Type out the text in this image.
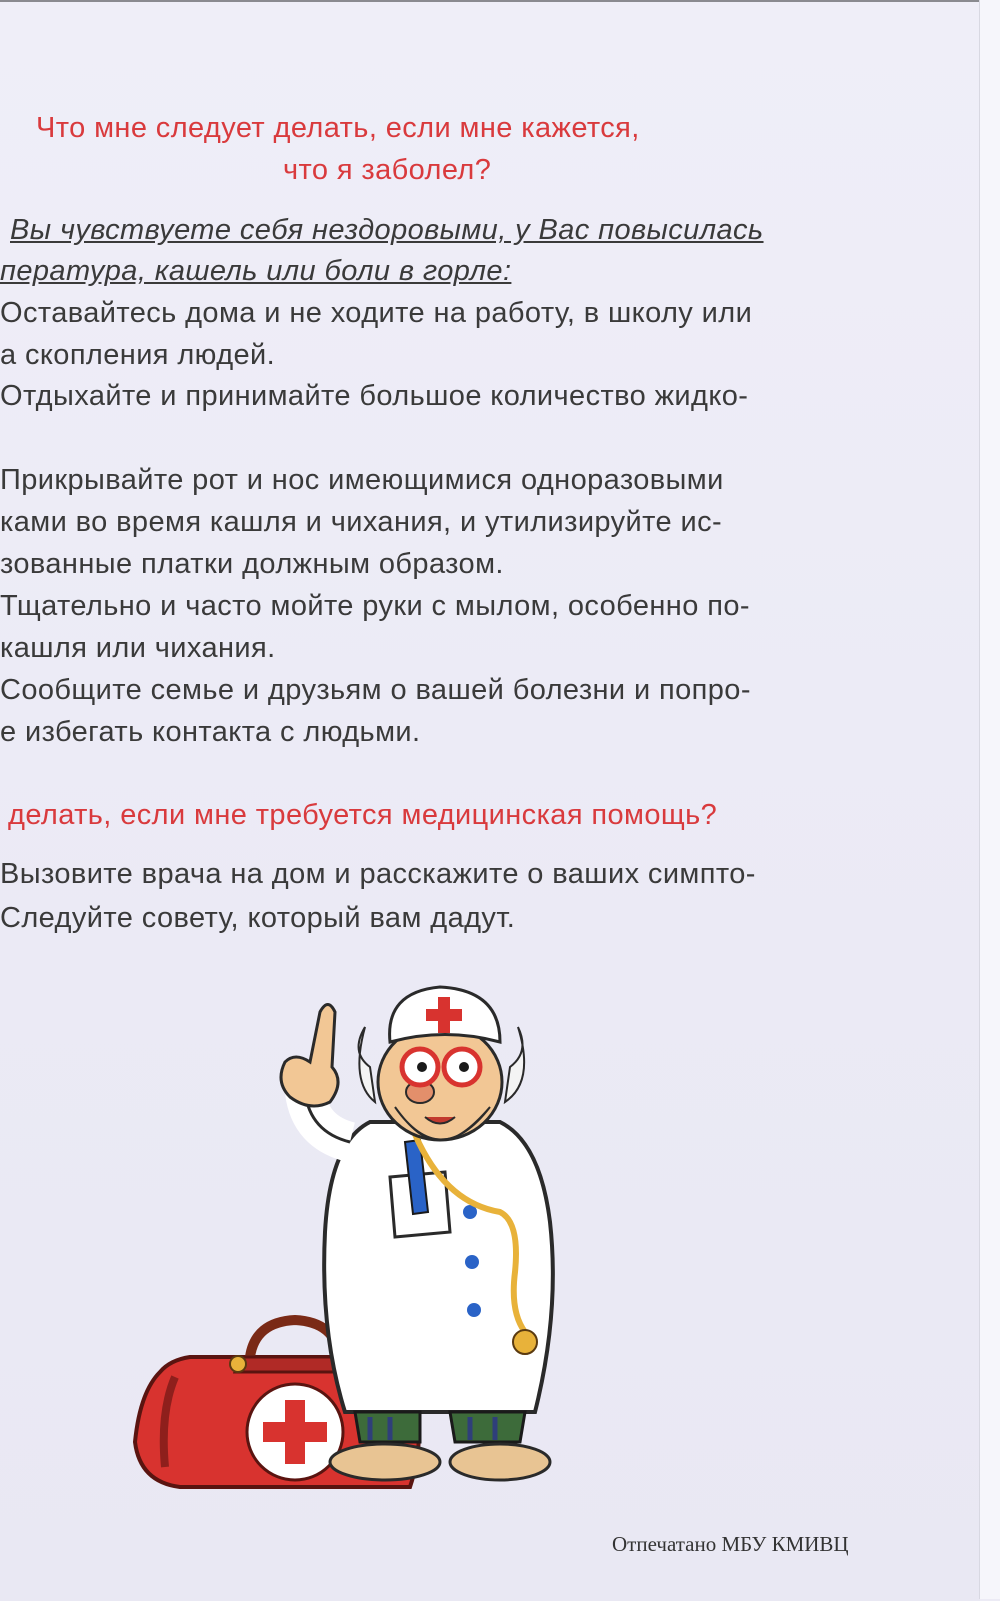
Что мне следует делать, если мне кажется,
что я заболел?
Вы чувствуете себя нездоровыми, у Вас повысилась
пература, кашель или боли в горле:
Оставайтесь дома и не ходите на работу, в школу или
а скопления людей.
Отдыхайте и принимайте большое количество жидко-
Прикрывайте рот и нос имеющимися одноразовыми
ками во время кашля и чихания, и утилизируйте ис-
зованные платки должным образом.
Тщательно и часто мойте руки с мылом, особенно по-
кашля или чихания.
Сообщите семье и друзьям о вашей болезни и попро-
е избегать контакта с людьми.
делать, если мне требуется медицинская помощь?
Вызовите врача на дом и расскажите о ваших симпто-
Следуйте совету, который вам дадут.
Отпечатано МБУ КМИВЦ
